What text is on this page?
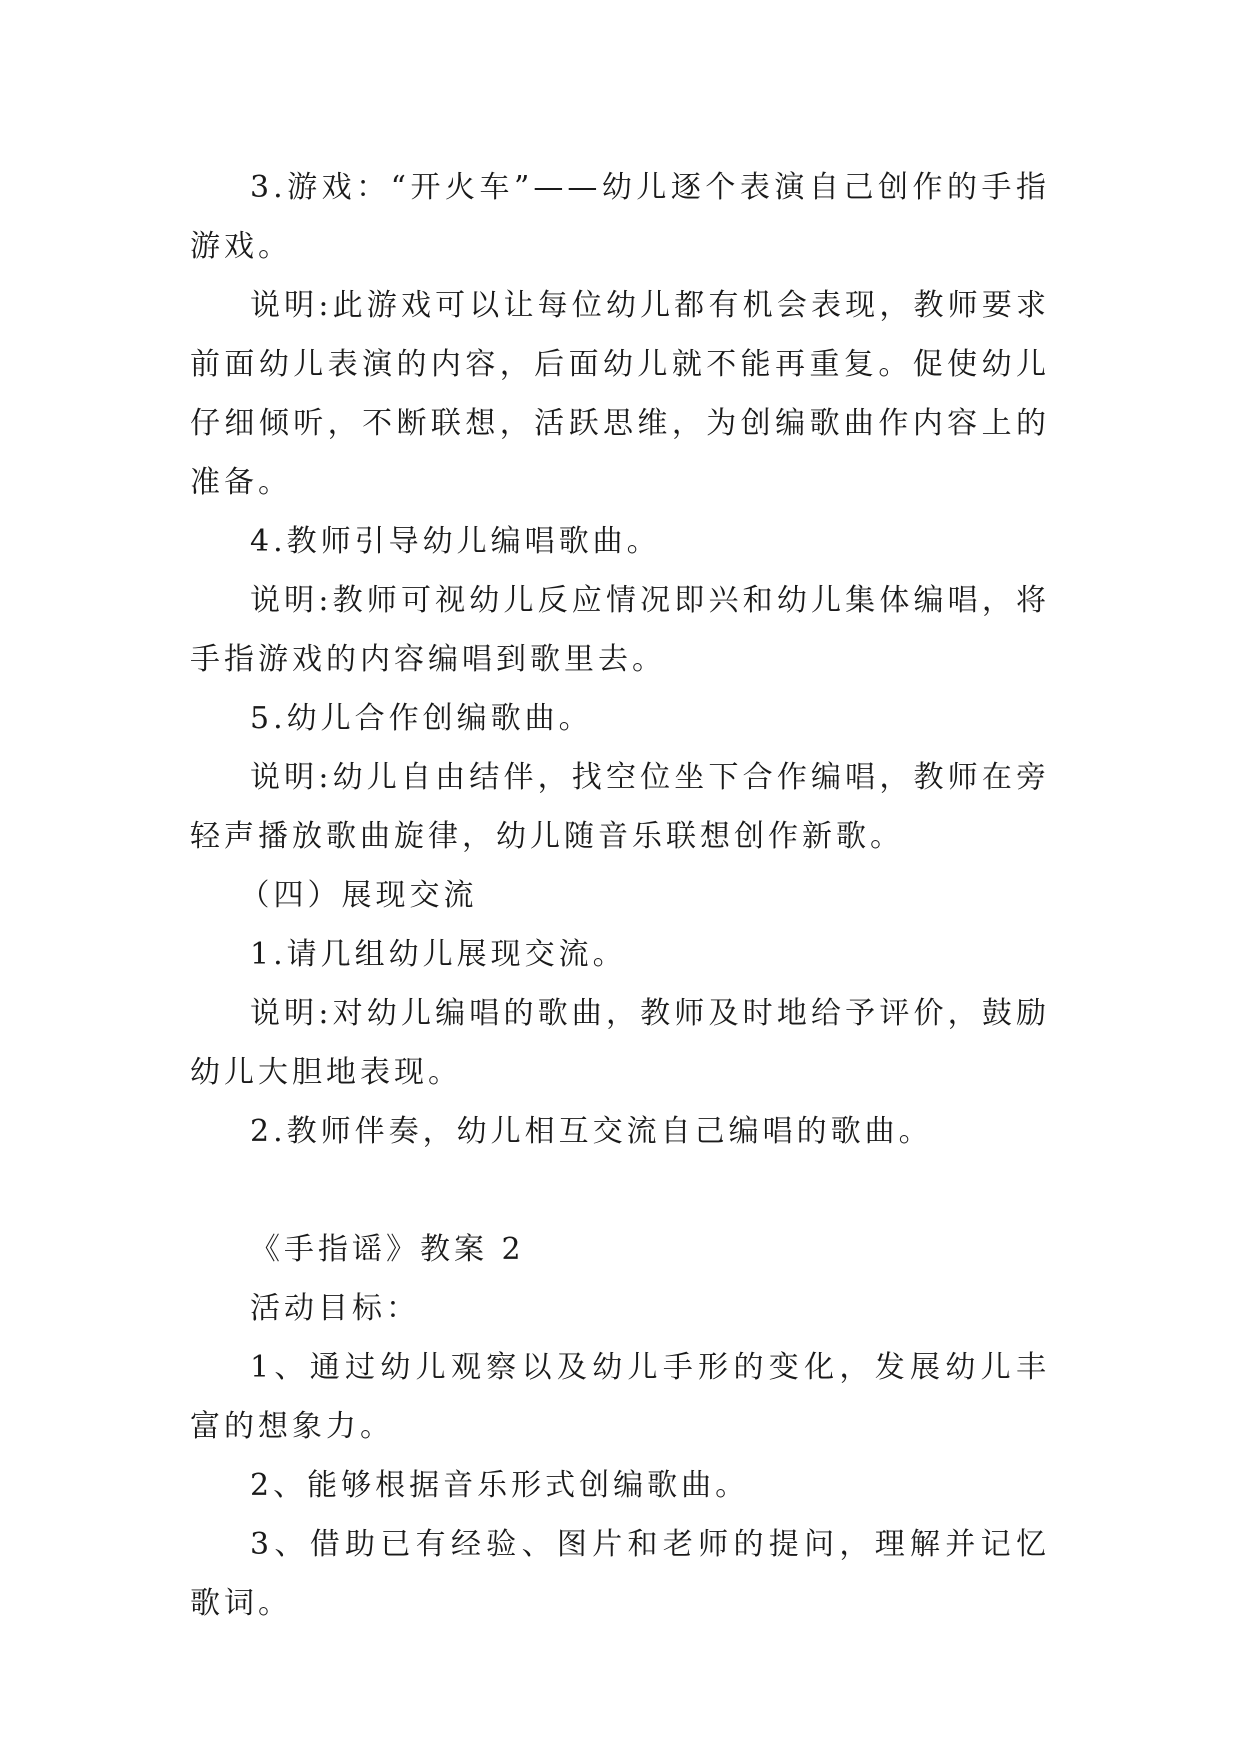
3.游戏：“开火车”——幼儿逐个表演自己创作的手指游戏。

说明:此游戏可以让每位幼儿都有机会表现，教师要求前面幼儿表演的内容，后面幼儿就不能再重复。促使幼儿仔细倾听，不断联想，活跃思维，为创编歌曲作内容上的准备。

4.教师引导幼儿编唱歌曲。

说明:教师可视幼儿反应情况即兴和幼儿集体编唱，将手指游戏的内容编唱到歌里去。

5.幼儿合作创编歌曲。

说明:幼儿自由结伴，找空位坐下合作编唱，教师在旁轻声播放歌曲旋律，幼儿随音乐联想创作新歌。

（四）展现交流

1.请几组幼儿展现交流。

说明:对幼儿编唱的歌曲，教师及时地给予评价，鼓励幼儿大胆地表现。

2.教师伴奏，幼儿相互交流自己编唱的歌曲。

《手指谣》教案 2

活动目标：

1、通过幼儿观察以及幼儿手形的变化，发展幼儿丰富的想象力。

2、能够根据音乐形式创编歌曲。

3、借助已有经验、图片和老师的提问，理解并记忆歌词。
